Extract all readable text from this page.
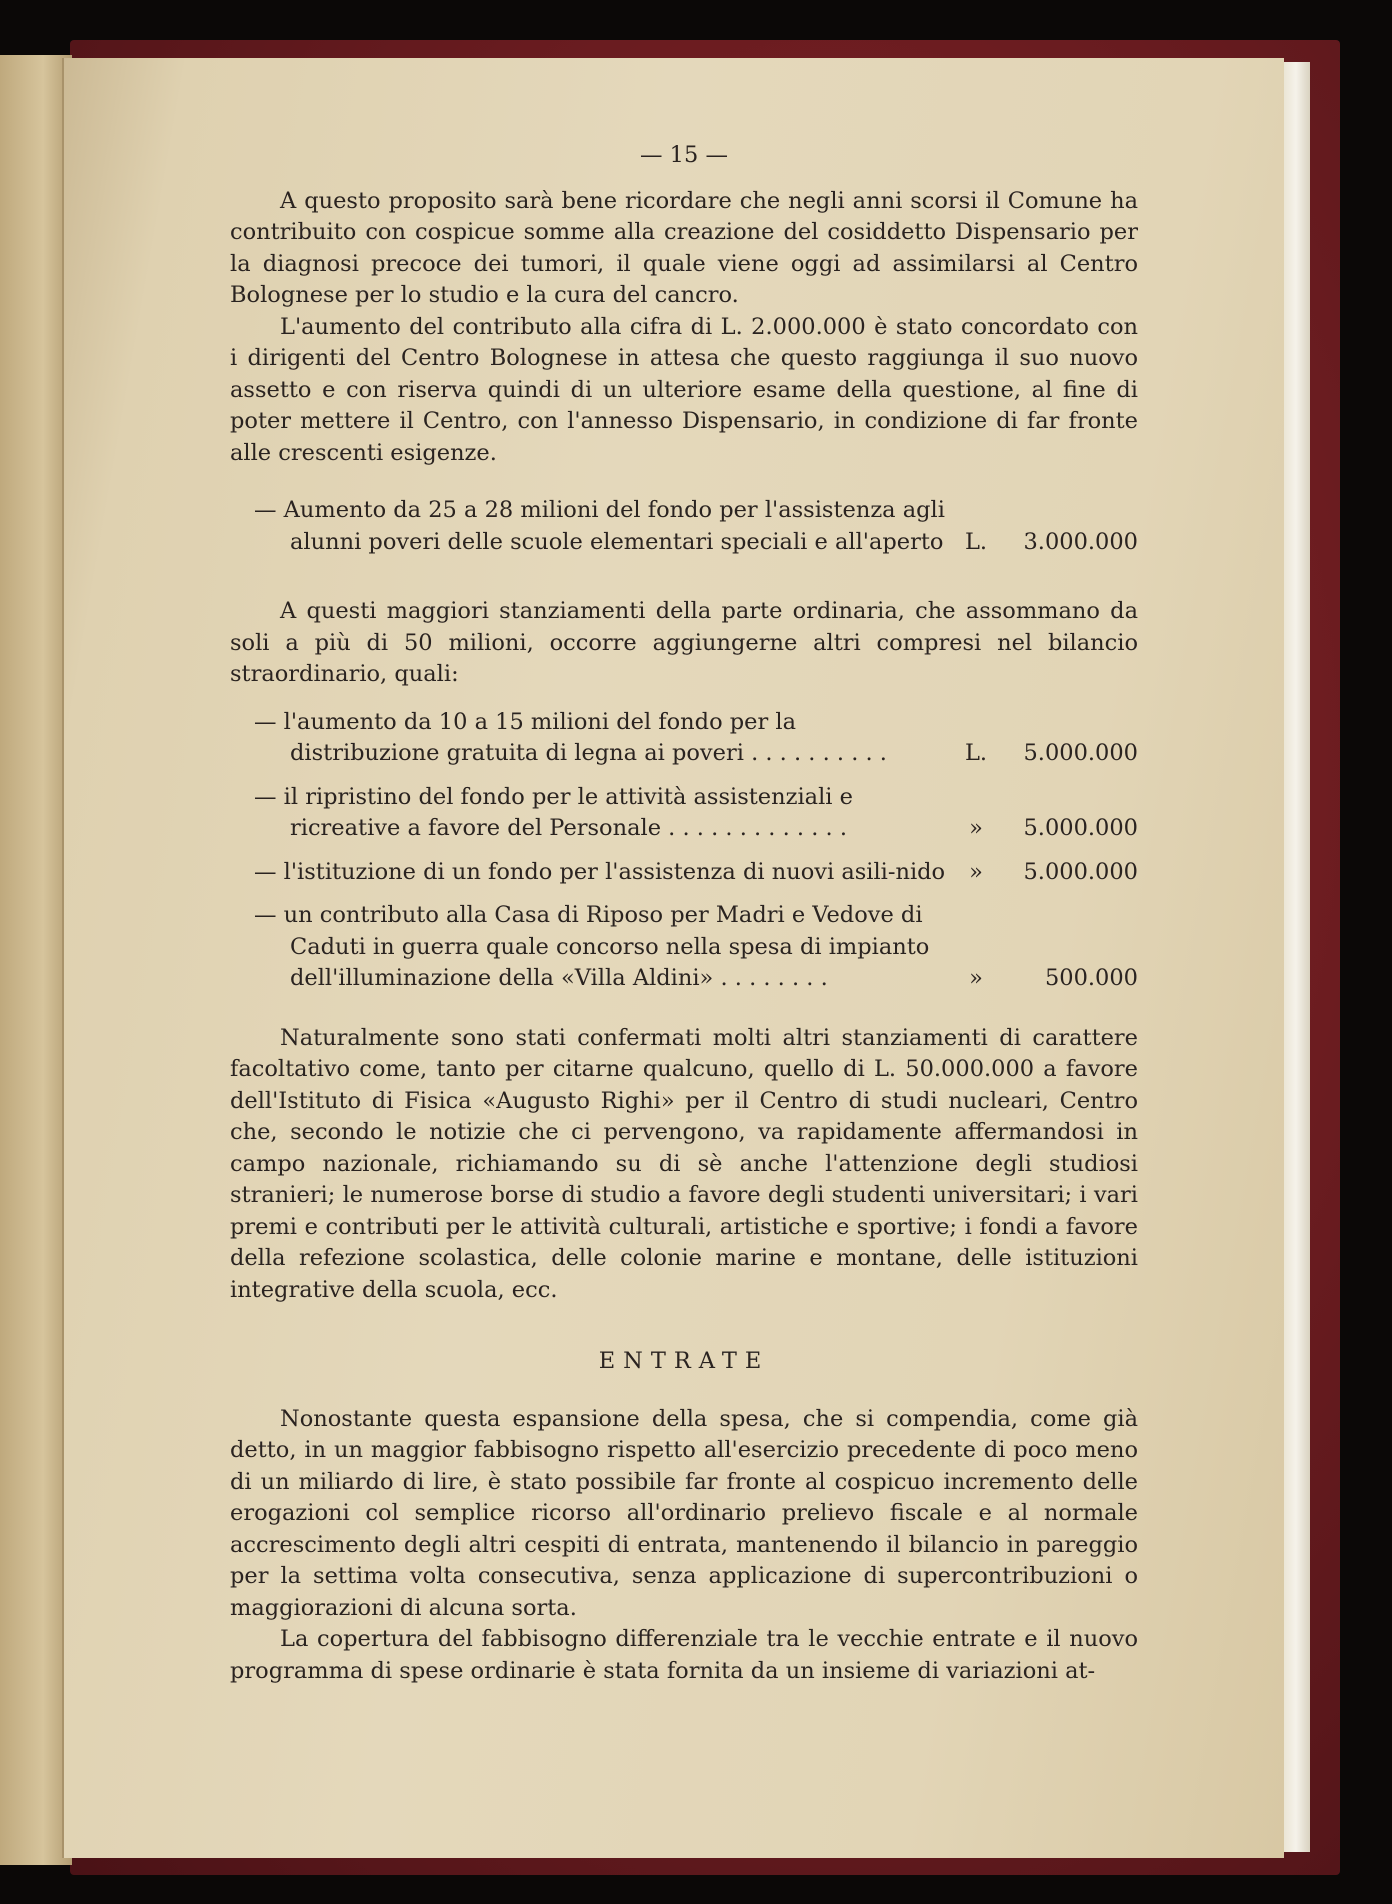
— 15 —

A questo proposito sarà bene ricordare che negli anni scorsi il Comune ha contribuito con cospicue somme alla creazione del cosiddetto Dispensario per la diagnosi precoce dei tumori, il quale viene oggi ad assimilarsi al Centro Bolognese per lo studio e la cura del cancro.

L'aumento del contributo alla cifra di L. 2.000.000 è stato concordato con i dirigenti del Centro Bolognese in attesa che questo raggiunga il suo nuovo assetto e con riserva quindi di un ulteriore esame della questione, al fine di poter mettere il Centro, con l'annesso Dispensario, in condizione di far fronte alle crescenti esigenze.

— Aumento da 25 a 28 milioni del fondo per l'assistenza agli alunni poveri delle scuole elementari speciali e all'aperto L.	3.000.000

A questi maggiori stanziamenti della parte ordinaria, che assommano da soli a più di 50 milioni, occorre aggiungerne altri compresi nel bilancio straordinario, quali:

— l'aumento da 10 a 15 milioni del fondo per la distribuzione gratuita di legna ai poveri . . . . . . . . . .	L.	5.000.000
— il ripristino del fondo per le attività assistenziali e ricreative a favore del Personale . . . . . . . . . . . . .	»	5.000.000
— l'istituzione di un fondo per l'assistenza di nuovi asili-nido	»	5.000.000
— un contributo alla Casa di Riposo per Madri e Vedove di Caduti in guerra quale concorso nella spesa di impianto dell'illuminazione della «Villa Aldini» . . . . . . . .	»	500.000

Naturalmente sono stati confermati molti altri stanziamenti di carattere facoltativo come, tanto per citarne qualcuno, quello di L. 50.000.000 a favore dell'Istituto di Fisica «Augusto Righi» per il Centro di studi nucleari, Centro che, secondo le notizie che ci pervengono, va rapidamente affermandosi in campo nazionale, richiamando su di sè anche l'attenzione degli studiosi stranieri; le numerose borse di studio a favore degli studenti universitari; i vari premi e contributi per le attività culturali, artistiche e sportive; i fondi a favore della refezione scolastica, delle colonie marine e montane, delle istituzioni integrative della scuola, ecc.

ENTRATE

Nonostante questa espansione della spesa, che si compendia, come già detto, in un maggior fabbisogno rispetto all'esercizio precedente di poco meno di un miliardo di lire, è stato possibile far fronte al cospicuo incremento delle erogazioni col semplice ricorso all'ordinario prelievo fiscale e al normale accrescimento degli altri cespiti di entrata, mantenendo il bilancio in pareggio per la settima volta consecutiva, senza applicazione di supercontribuzioni o maggiorazioni di alcuna sorta.

La copertura del fabbisogno differenziale tra le vecchie entrate e il nuovo programma di spese ordinarie è stata fornita da un insieme di variazioni at-
